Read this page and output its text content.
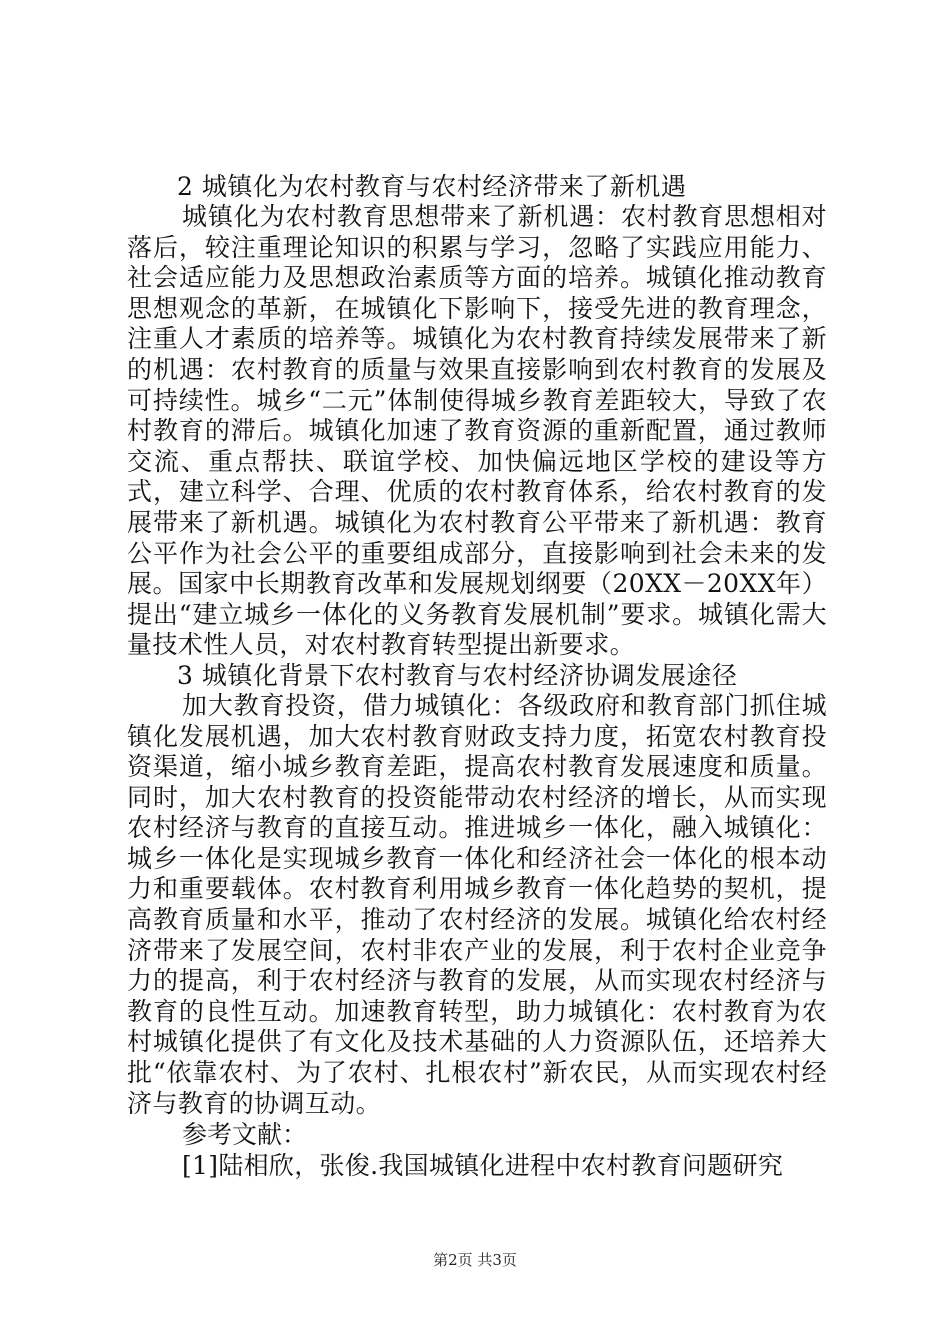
2 城镇化为农村教育与农村经济带来了新机遇

城镇化为农村教育思想带来了新机遇：农村教育思想相对落后，较注重理论知识的积累与学习，忽略了实践应用能力、社会适应能力及思想政治素质等方面的培养。城镇化推动教育思想观念的革新，在城镇化下影响下，接受先进的教育理念，注重人才素质的培养等。城镇化为农村教育持续发展带来了新的机遇：农村教育的质量与效果直接影响到农村教育的发展及可持续性。城乡“二元”体制使得城乡教育差距较大，导致了农村教育的滞后。城镇化加速了教育资源的重新配置，通过教师交流、重点帮扶、联谊学校、加快偏远地区学校的建设等方式，建立科学、合理、优质的农村教育体系，给农村教育的发展带来了新机遇。城镇化为农村教育公平带来了新机遇：教育公平作为社会公平的重要组成部分，直接影响到社会未来的发展。国家中长期教育改革和发展规划纲要（20XX－20XX年）提出“建立城乡一体化的义务教育发展机制”要求。城镇化需大量技术性人员，对农村教育转型提出新要求。

3 城镇化背景下农村教育与农村经济协调发展途径

加大教育投资，借力城镇化：各级政府和教育部门抓住城镇化发展机遇，加大农村教育财政支持力度，拓宽农村教育投资渠道，缩小城乡教育差距，提高农村教育发展速度和质量。同时，加大农村教育的投资能带动农村经济的增长，从而实现农村经济与教育的直接互动。推进城乡一体化，融入城镇化：城乡一体化是实现城乡教育一体化和经济社会一体化的根本动力和重要载体。农村教育利用城乡教育一体化趋势的契机，提高教育质量和水平，推动了农村经济的发展。城镇化给农村经济带来了发展空间，农村非农产业的发展，利于农村企业竞争力的提高，利于农村经济与教育的发展，从而实现农村经济与教育的良性互动。加速教育转型，助力城镇化：农村教育为农村城镇化提供了有文化及技术基础的人力资源队伍，还培养大批“依靠农村、为了农村、扎根农村”新农民，从而实现农村经济与教育的协调互动。

参考文献：

[1]陆相欣，张俊.我国城镇化进程中农村教育问题研究

第2页 共3页
